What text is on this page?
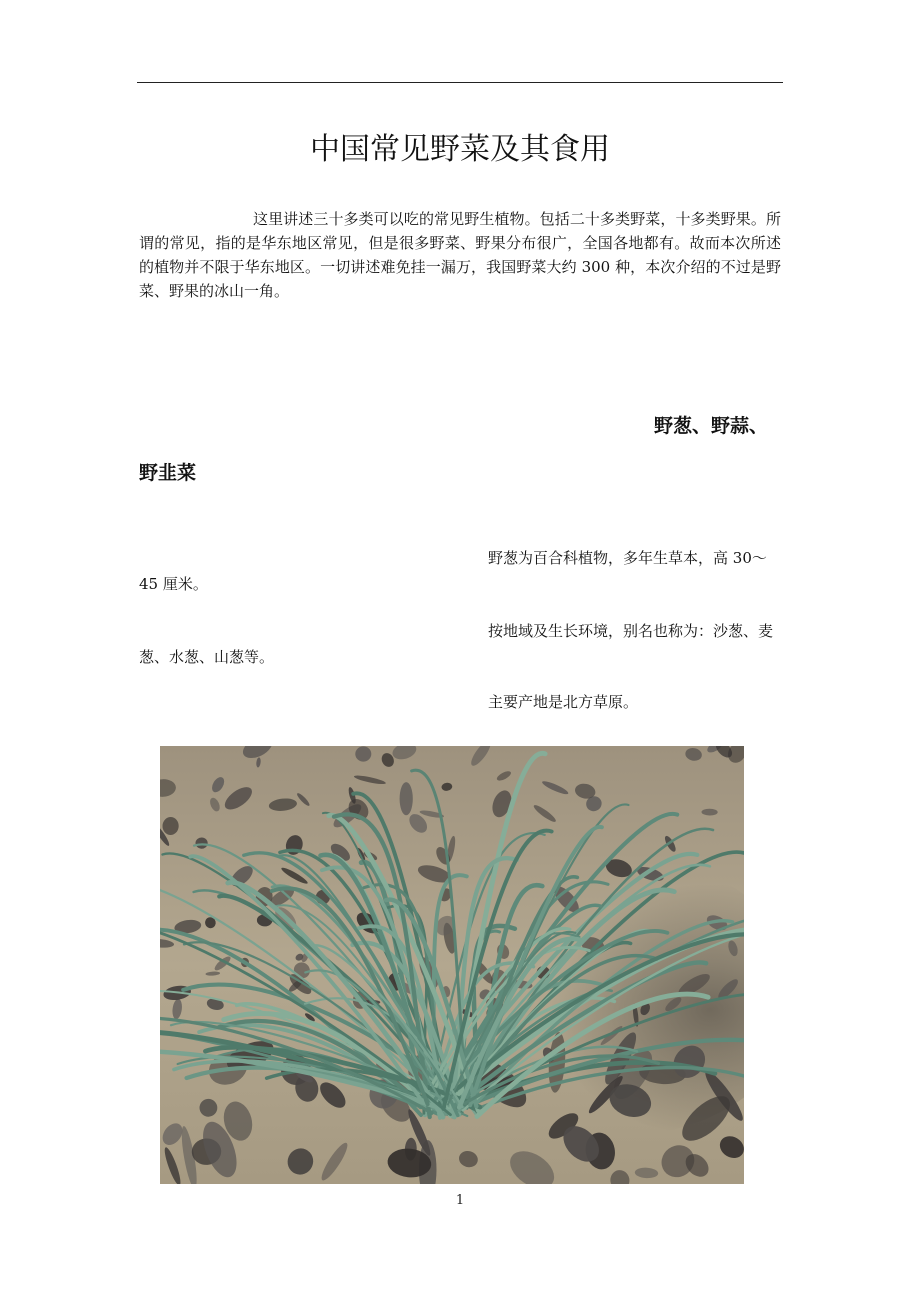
中国常见野菜及其食用

这里讲述三十多类可以吃的常见野生植物。包括二十多类野菜，十多类野果。所谓的常见，指的是华东地区常见，但是很多野菜、野果分布很广，全国各地都有。故而本次所述的植物并不限于华东地区。一切讲述难免挂一漏万，我国野菜大约 300 种，本次介绍的不过是野菜、野果的冰山一角。

野葱、野蒜、
野韭菜

野葱为百合科植物，多年生草本，高 30～45 厘米。

按地域及生长环境，别名也称为：沙葱、麦葱、水葱、山葱等。

主要产地是北方草原。

1
